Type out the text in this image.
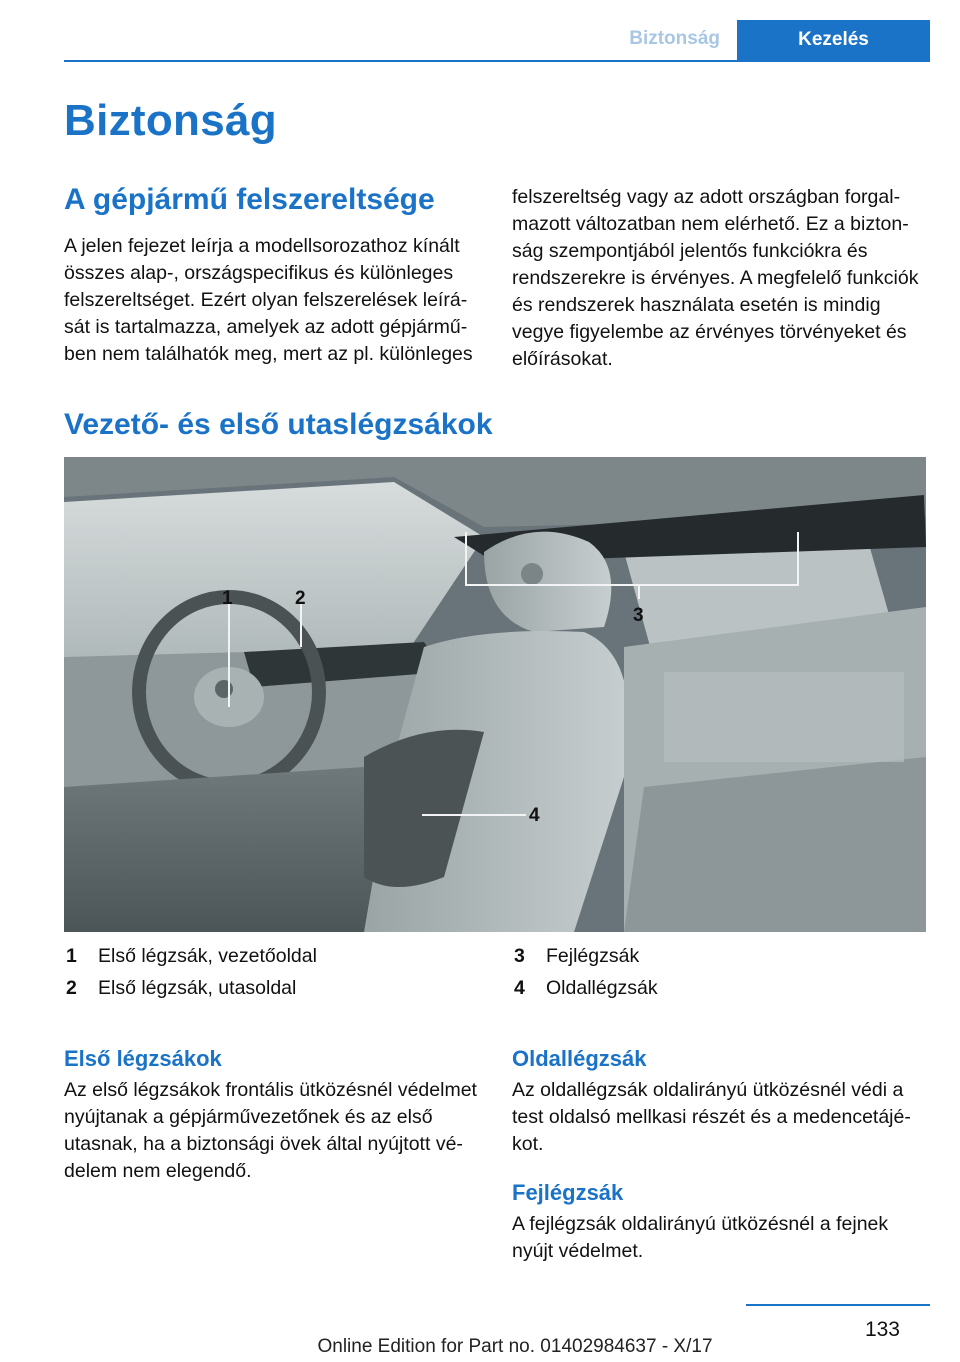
Biztonság	Kezelés
Biztonság
A gépjármű felszereltsége

A jelen fejezet leírja a modellsorozathoz kínált összes alap-, országspecifikus és különleges felszereltséget. Ezért olyan felszerelések leírását is tartalmazza, amelyek az adott gépjárműben nem találhatók meg, mert az pl. különleges

felszereltség vagy az adott országban forgalmazott változatban nem elérhető. Ez a biztonság szempontjából jelentős funkciókra és rendszerekre is érvényes. A megfelelő funkciók és rendszerek használata esetén is mindig vegye figyelembe az érvényes törvényeket és előírásokat.

Vezető- és első utaslégzsákok
1	2
3
4
1 Első légzsák, vezetőoldal
2 Első légzsák, utasoldal
3 Fejlégzsák
4 Oldallégzsák
Első légzsákok

Az első légzsákok frontális ütközésnél védelmet nyújtanak a gépjárművezetőnek és az első utasnak, ha a biztonsági övek által nyújtott védelem nem elegendő.

Oldallégzsák

Az oldallégzsák oldalirányú ütközésnél védi a test oldalsó mellkasi részét és a medencetájékot.

Fejlégzsák

A fejlégzsák oldalirányú ütközésnél a fejnek nyújt védelmet.

133
Online Edition for Part no. 01402984637 - X/17
